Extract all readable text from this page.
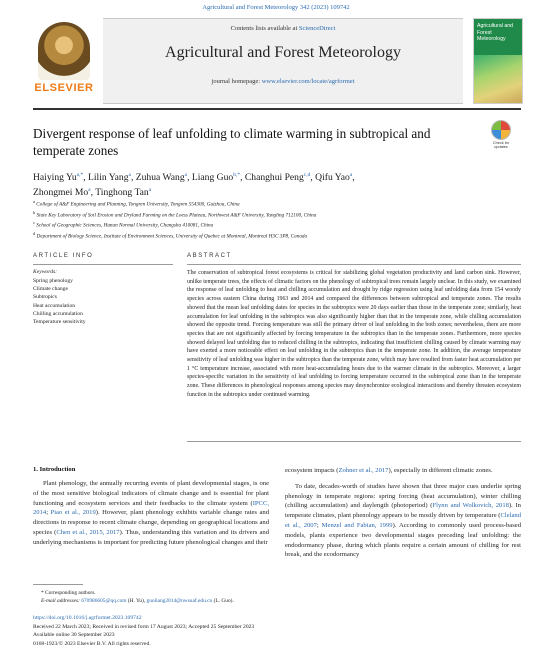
Agricultural and Forest Meteorology 342 (2023) 109742
ELSEVIER
Contents lists available at ScienceDirect
Agricultural and Forest Meteorology
journal homepage: www.elsevier.com/locate/agrformet
Agricultural and Forest Meteorology
Divergent response of leaf unfolding to climate warming in subtropical and temperate zones	Check for updates
Haiying $Yu^{a,*}$, Lilin Yang$^a$, Zuhua Wang$^a$, Liang Guo$^{b,*}$, Changhui Peng$^{c,d}$, Qifu Yao$^a$,
Zhongmei Mo$^a$, Tinghong Tan$^a$
$^a$ College of A&F Engineering and Planning, Tongren University, Tongren 554300, Guizhou, China
$^b$ State Key Laboratory of Soil Erosion and Dryland Farming on the Loess Plateau, Northwest A&F University, Yangling 712100, China
$^c$ School of Geographic Sciences, Hunan Normal University, Changsha 410081, China
$^d$ Department of Biology Science, Institute of Environment Sciences, University of Quebec at Montreal, Montreal H3C 3P8, Canada
ARTICLE INFO	ABSTRACT
Keywords:
Spring phenology
Climate change
Subtropics
Heat accumulation
Chilling accumulation
Temperature sensitivity
The conservation of subtropical forest ecosystems is critical for stabilizing global vegetation productivity and land carbon sink. However, unlike temperate trees, the effects of climatic factors on the phenology of subtropical trees remain largely unclear. In this study, we examined the response of leaf unfolding to heat and chilling accumulation and drought by ridge regression using leaf unfolding data from 154 woody species across eastern China during 1963 and 2014 and compared the differences between subtropical and temperate zones. The results showed that the mean leaf unfolding dates for species in the subtropics were 20 days earlier than those in the temperate zone; similarly, heat accumulation for leaf unfolding in the subtropics was also significantly higher than that in the temperate zone, while chilling accumulation showed the opposite trend. Forcing temperature was still the primary driver of leaf unfolding in the both zones; nevertheless, there are more species that are not significantly affected by forcing temperature in the subtropics than in the temperate zones. Furthermore, more species showed delayed leaf unfolding due to reduced chilling in the subtropics, indicating that insufficient chilling caused by climate warming may have exerted a more noticeable effect on leaf unfolding in the subtropics than in the temperate zone. In addition, the average temperature sensitivity of leaf unfolding was higher in the subtropics than the temperate zone, which may have resulted from faster heat accumulation per 1 °C temperature increase, associated with more heat-accumulating hours due to the warmer climate in the subtropics. Moreover, a larger species-specific variation in the sensitivity of leaf unfolding to forcing temperature occurred in the subtropical zone than in the temperate zone. These differences in phenological responses among species may desynchronize ecological interactions and thereby threaten ecosystem function in the subtropics under continued warming.
1. Introduction
Plant phenology, the annually recurring events of plant developmental stages, is one of the most sensitive biological indicators of climate change and is essential for plant functioning and ecosystem services and their feedbacks to the climate system (IPCC, 2014; Piao et al., 2019). However, plant phenology exhibits variable change rates and directions in response to recent climate change, depending on geographical locations and species (Chen et al., 2015, 2017). Thus, understanding this variation and its drivers and underlying mechanisms is important for predicting future phenological changes and their
ecosystem impacts (Zohner et al., 2017), especially in different climatic zones.
To date, decades-worth of studies have shown that three major cues underlie spring phenology in temperate regions: spring forcing (heat accumulation), winter chilling (chilling accumulation) and daylength (photoperiod) (Flynn and Wolkovich, 2018). In temperate climates, plant phenology appears to be mostly driven by temperature (Cleland et al., 2007; Menzel and Fabian, 1999). According to commonly used process-based models, plants experience two developmental stages preceding leaf unfolding: the endodormancy phase, during which plants require a certain amount of chilling for rest break, and the ecodormancy
* Corresponding authors.
E-mail addresses: 670986605@qq.com (H. Yu), guoliang2014@nwsuaf.edu.cn (L. Guo).
https://doi.org/10.1016/j.agrformet.2023.109742
Received 22 March 2023; Received in revised form 17 August 2023; Accepted 25 September 2023
Available online 30 September 2023
0168-1923/© 2023 Elsevier B.V. All rights reserved.
